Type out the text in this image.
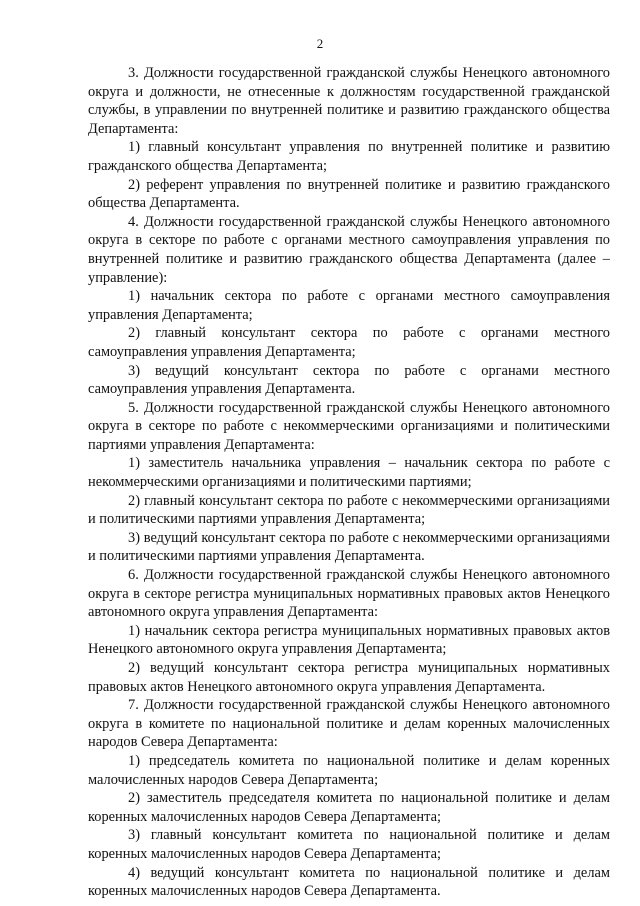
2

3. Должности государственной гражданской службы Ненецкого автономного округа и должности, не отнесенные к должностям государственной гражданской службы, в управлении по внутренней политике и развитию гражданского общества Департамента:

1) главный консультант управления по внутренней политике и развитию гражданского общества Департамента;

2) референт управления по внутренней политике и развитию гражданского общества Департамента.

4. Должности государственной гражданской службы Ненецкого автономного округа в секторе по работе с органами местного самоуправления управления по внутренней политике и развитию гражданского общества Департамента (далее – управление):

1) начальник сектора по работе с органами местного самоуправления управления Департамента;

2) главный консультант сектора по работе с органами местного самоуправления управления Департамента;

3) ведущий консультант сектора по работе с органами местного самоуправления управления Департамента.

5. Должности государственной гражданской службы Ненецкого автономного округа в секторе по работе с некоммерческими организациями и политическими партиями управления Департамента:

1) заместитель начальника управления – начальник сектора по работе с некоммерческими организациями и политическими партиями;

2) главный консультант сектора по работе с некоммерческими организациями и политическими партиями управления Департамента;

3) ведущий консультант сектора по работе с некоммерческими организациями и политическими партиями управления Департамента.

6. Должности государственной гражданской службы Ненецкого автономного округа в секторе регистра муниципальных нормативных правовых актов Ненецкого автономного округа управления Департамента:

1) начальник сектора регистра муниципальных нормативных правовых актов Ненецкого автономного округа управления Департамента;

2) ведущий консультант сектора регистра муниципальных нормативных правовых актов Ненецкого автономного округа управления Департамента.

7. Должности государственной гражданской службы Ненецкого автономного округа в комитете по национальной политике и делам коренных малочисленных народов Севера Департамента:

1) председатель комитета по национальной политике и делам коренных малочисленных народов Севера Департамента;

2) заместитель председателя комитета по национальной политике и делам коренных малочисленных народов Севера Департамента;

3) главный консультант комитета по национальной политике и делам коренных малочисленных народов Севера Департамента;

4) ведущий консультант комитета по национальной политике и делам коренных малочисленных народов Севера Департамента.
